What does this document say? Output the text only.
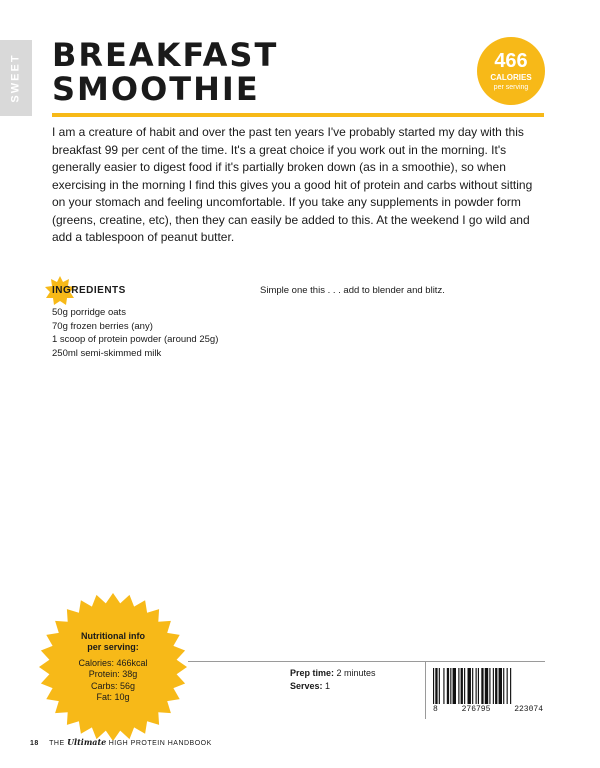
SWEET BREAKFAST
SMOOTHIE
466
CALORIES
per serving

I am a creature of habit and over the past ten years I've probably started my day with this breakfast 99 per cent of the time. It's a great choice if you work out in the morning. It's generally easier to digest food if it's partially broken down (as in a smoothie), so when exercising in the morning I find this gives you a good hit of protein and carbs without sitting on your stomach and feeling uncomfortable. If you take any supplements in powder form (greens, creatine, etc), then they can easily be added to this. At the weekend I go wild and add a tablespoon of peanut butter.

INGREDIENTS
50g porridge oats
70g frozen berries (any)
1 scoop of protein powder (around 25g)
250ml semi-skimmed milk

Simple one this . . . add to blender and blitz.

Nutritional info
per serving:
Calories: 466kcal
Protein: 38g
Carbs: 56g
Fat: 10g

Prep time: 2 minutes
Serves: 1

8	276795	223074

18 THE Ultimate HIGH PROTEIN HANDBOOK
